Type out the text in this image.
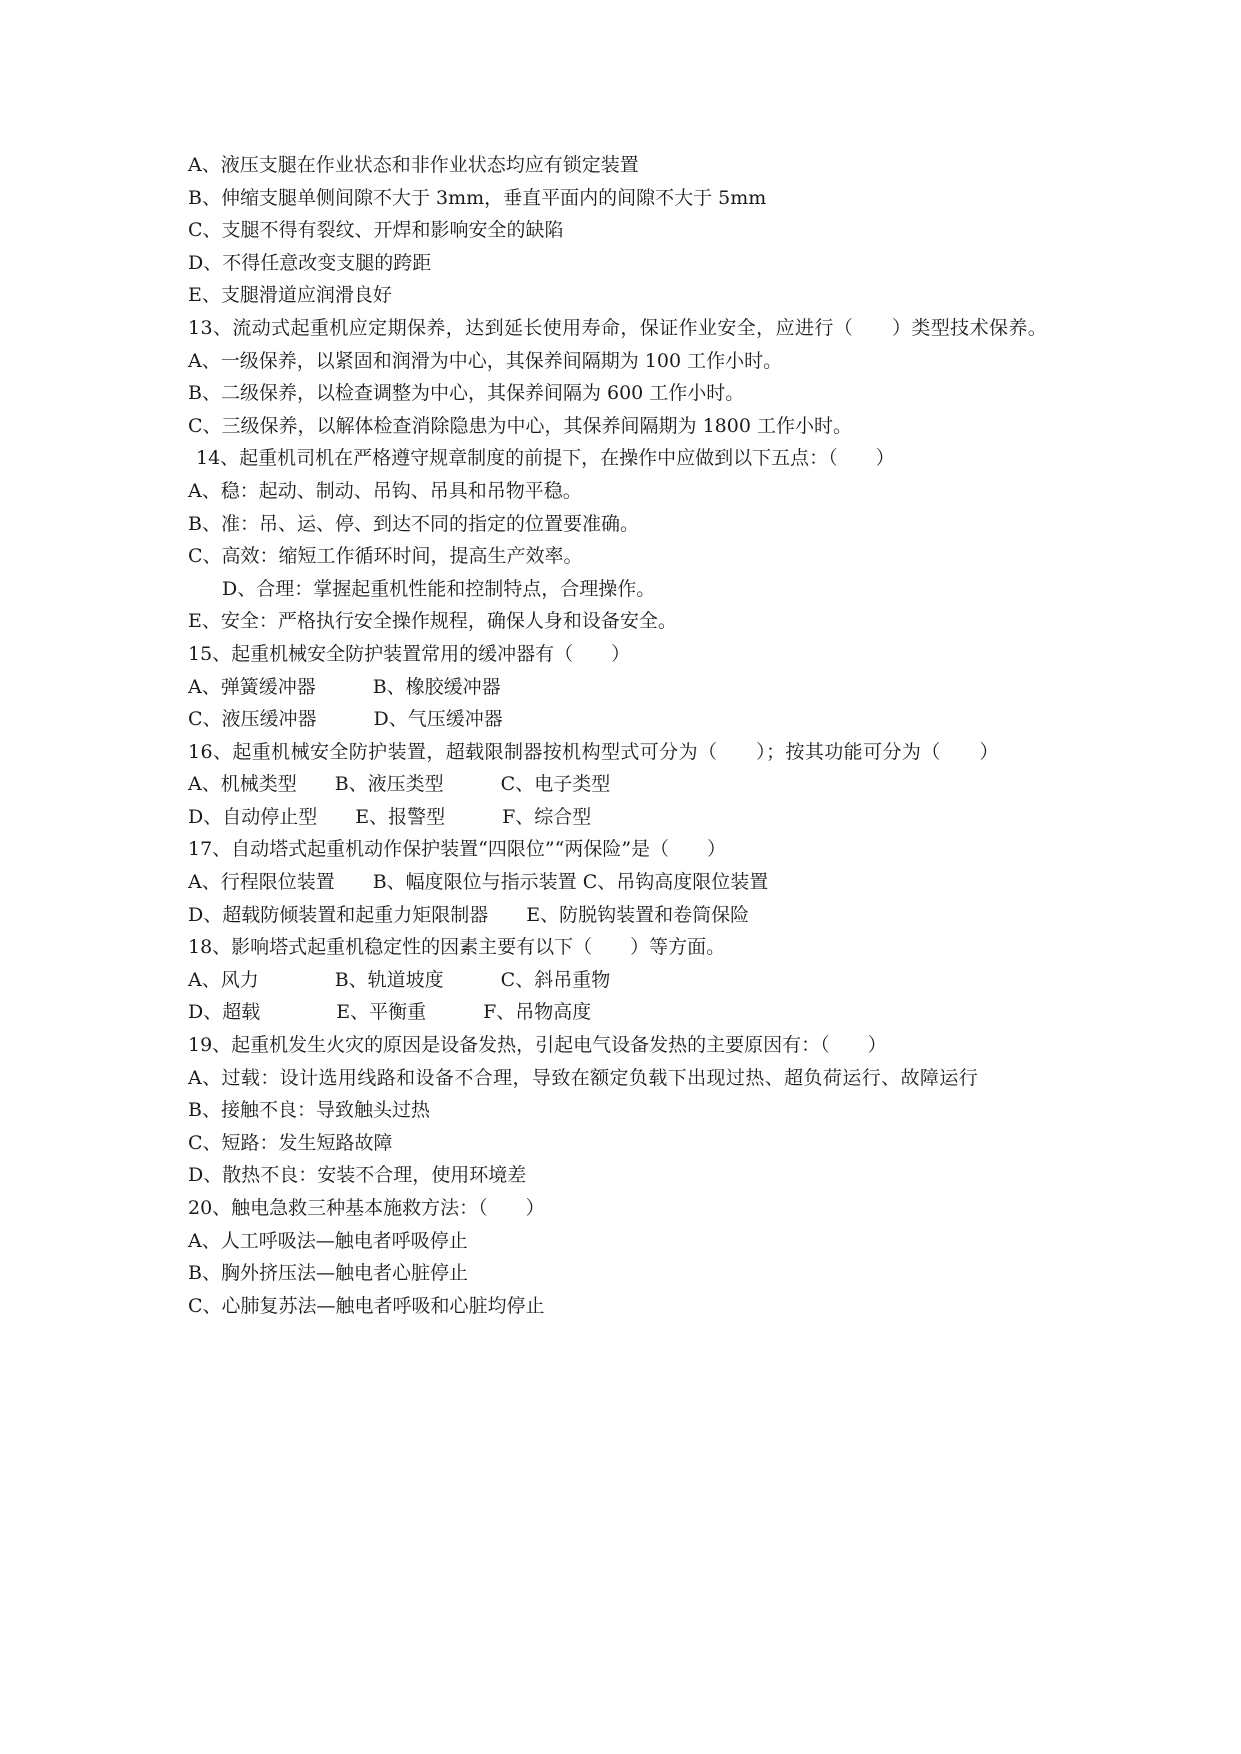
A、液压支腿在作业状态和非作业状态均应有锁定装置
B、伸缩支腿单侧间隙不大于 3mm，垂直平面内的间隙不大于 5mm
C、支腿不得有裂纹、开焊和影响安全的缺陷
D、不得任意改变支腿的跨距
E、支腿滑道应润滑良好
13、流动式起重机应定期保养，达到延长使用寿命，保证作业安全，应进行（　　）类型技术保养。
A、一级保养，以紧固和润滑为中心，其保养间隔期为 100 工作小时。
B、二级保养，以检查调整为中心，其保养间隔为 600 工作小时。
C、三级保养，以解体检查消除隐患为中心，其保养间隔期为 1800 工作小时。
14、起重机司机在严格遵守规章制度的前提下，在操作中应做到以下五点：（　　）
A、稳：起动、制动、吊钩、吊具和吊物平稳。
B、准：吊、运、停、到达不同的指定的位置要准确。
C、高效：缩短工作循环时间，提高生产效率。
D、合理：掌握起重机性能和控制特点，合理操作。
E、安全：严格执行安全操作规程，确保人身和设备安全。
15、起重机械安全防护装置常用的缓冲器有（　　）
A、弹簧缓冲器　　　B、橡胶缓冲器
C、液压缓冲器　　　D、气压缓冲器
16、起重机械安全防护装置，超载限制器按机构型式可分为（　　）；按其功能可分为（　　）
A、机械类型　　B、液压类型　　　C、电子类型
D、自动停止型　　E、报警型　　　F、综合型
17、自动塔式起重机动作保护装置“四限位”“两保险”是（　　）
A、行程限位装置　　B、幅度限位与指示装置 C、吊钩高度限位装置
D、超载防倾装置和起重力矩限制器　　E、防脱钩装置和卷筒保险
18、影响塔式起重机稳定性的因素主要有以下（　　）等方面。
A、风力　　　　B、轨道坡度　　　C、斜吊重物
D、超载　　　　E、平衡重　　　F、吊物高度
19、起重机发生火灾的原因是设备发热，引起电气设备发热的主要原因有：（　　）
A、过载：设计选用线路和设备不合理，导致在额定负载下出现过热、超负荷运行、故障运行
B、接触不良：导致触头过热
C、短路：发生短路故障
D、散热不良：安装不合理，使用环境差
20、触电急救三种基本施救方法：（　　）
A、人工呼吸法—触电者呼吸停止
B、胸外挤压法—触电者心脏停止
C、心肺复苏法—触电者呼吸和心脏均停止
